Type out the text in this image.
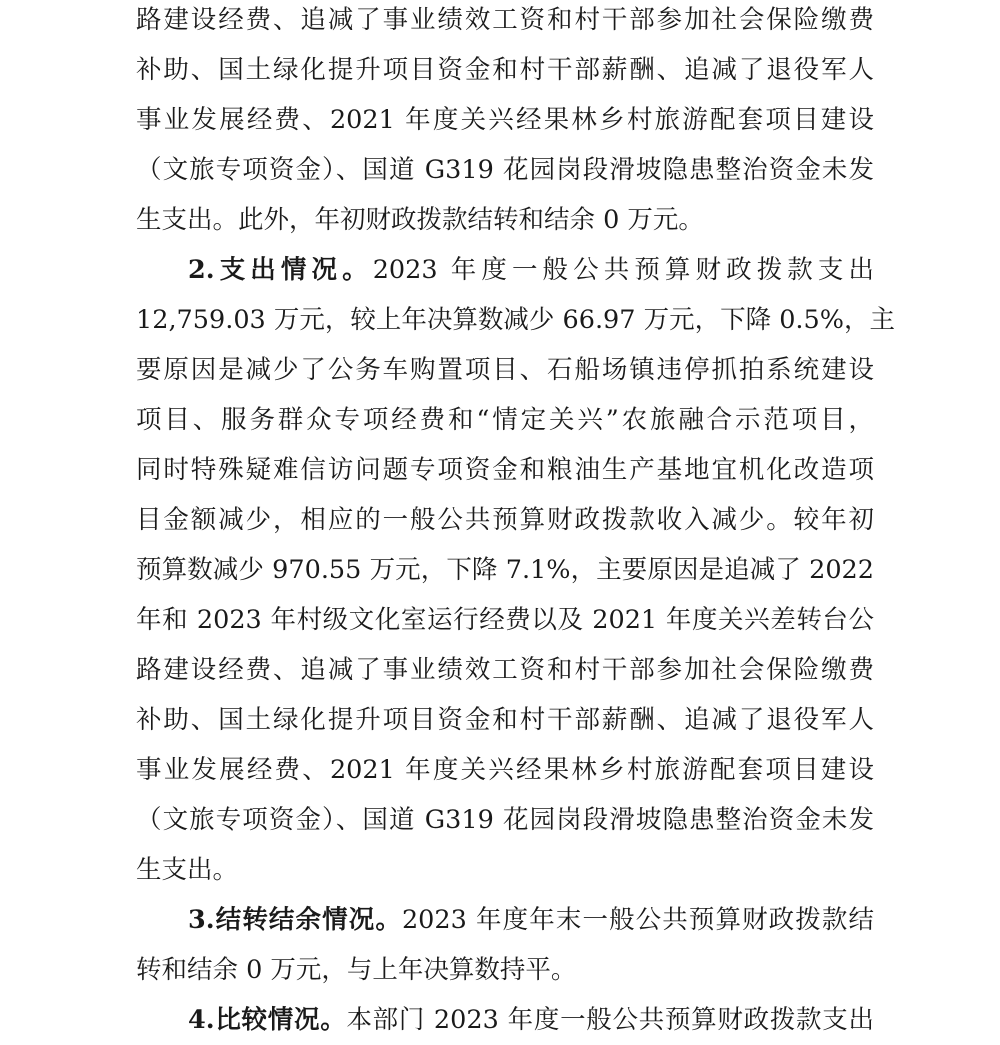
路建设经费、追减了事业绩效工资和村干部参加社会保险缴费
补助、国土绿化提升项目资金和村干部薪酬、追减了退役军人
事业发展经费、2021 年度关兴经果林乡村旅游配套项目建设
（文旅专项资金）、国道 G319 花园岗段滑坡隐患整治资金未发
生支出。此外，年初财政拨款结转和结余 0 万元。
2.支出情况。2023 年度一般公共预算财政拨款支出
12,759.03 万元，较上年决算数减少 66.97 万元，下降 0.5%，主
要原因是减少了公务车购置项目、石船场镇违停抓拍系统建设
项目、服务群众专项经费和“情定关兴”农旅融合示范项目，
同时特殊疑难信访问题专项资金和粮油生产基地宜机化改造项
目金额减少，相应的一般公共预算财政拨款收入减少。较年初
预算数减少 970.55 万元，下降 7.1%，主要原因是追减了 2022
年和 2023 年村级文化室运行经费以及 2021 年度关兴差转台公
路建设经费、追减了事业绩效工资和村干部参加社会保险缴费
补助、国土绿化提升项目资金和村干部薪酬、追减了退役军人
事业发展经费、2021 年度关兴经果林乡村旅游配套项目建设
（文旅专项资金）、国道 G319 花园岗段滑坡隐患整治资金未发
生支出。
3.结转结余情况。2023 年度年末一般公共预算财政拨款结
转和结余 0 万元，与上年决算数持平。
4.比较情况。本部门 2023 年度一般公共预算财政拨款支出
